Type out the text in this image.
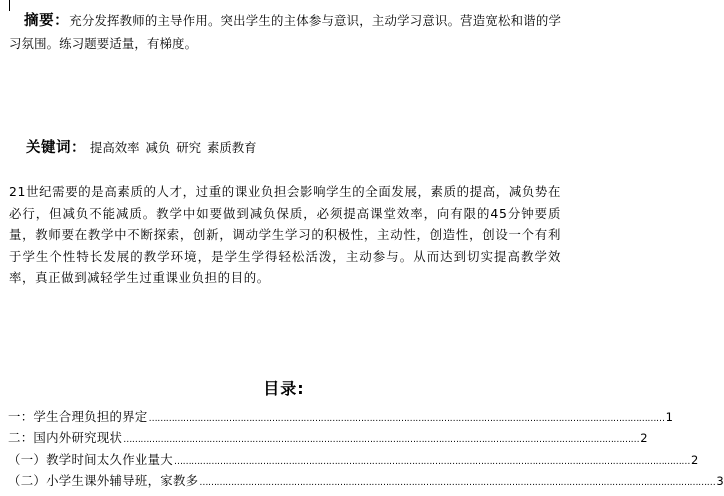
摘要：充分发挥教师的主导作用。突出学生的主体参与意识，主动学习意识。营造宽松和谐的学习氛围。练习题要适量，有梯度。
关键词： 提高效率 减负 研究 素质教育
21世纪需要的是高素质的人才，过重的课业负担会影响学生的全面发展，素质的提高，减负势在必行，但减负不能减质。教学中如要做到减负保质，必须提高课堂效率，向有限的45分钟要质量，教师要在教学中不断探索，创新，调动学生学习的积极性，主动性，创造性，创设一个有利于学生个性特长发展的教学环境，是学生学得轻松活泼，主动参与。从而达到切实提高教学效率，真正做到减轻学生过重课业负担的目的。
目录:
一：学生合理负担的界定 ……………………………………………………………………………………………………………………………………………………………… 1
二：国内外研究现状 ……………………………………………………………………………………………………………………………………………………………… 2
（一）教学时间太久作业量大 ……………………………………………………………………………………………………………………………………………………………… 2
（二）小学生课外辅导班，家教多 ……………………………………………………………………………………………………………………………………………………………… 3
